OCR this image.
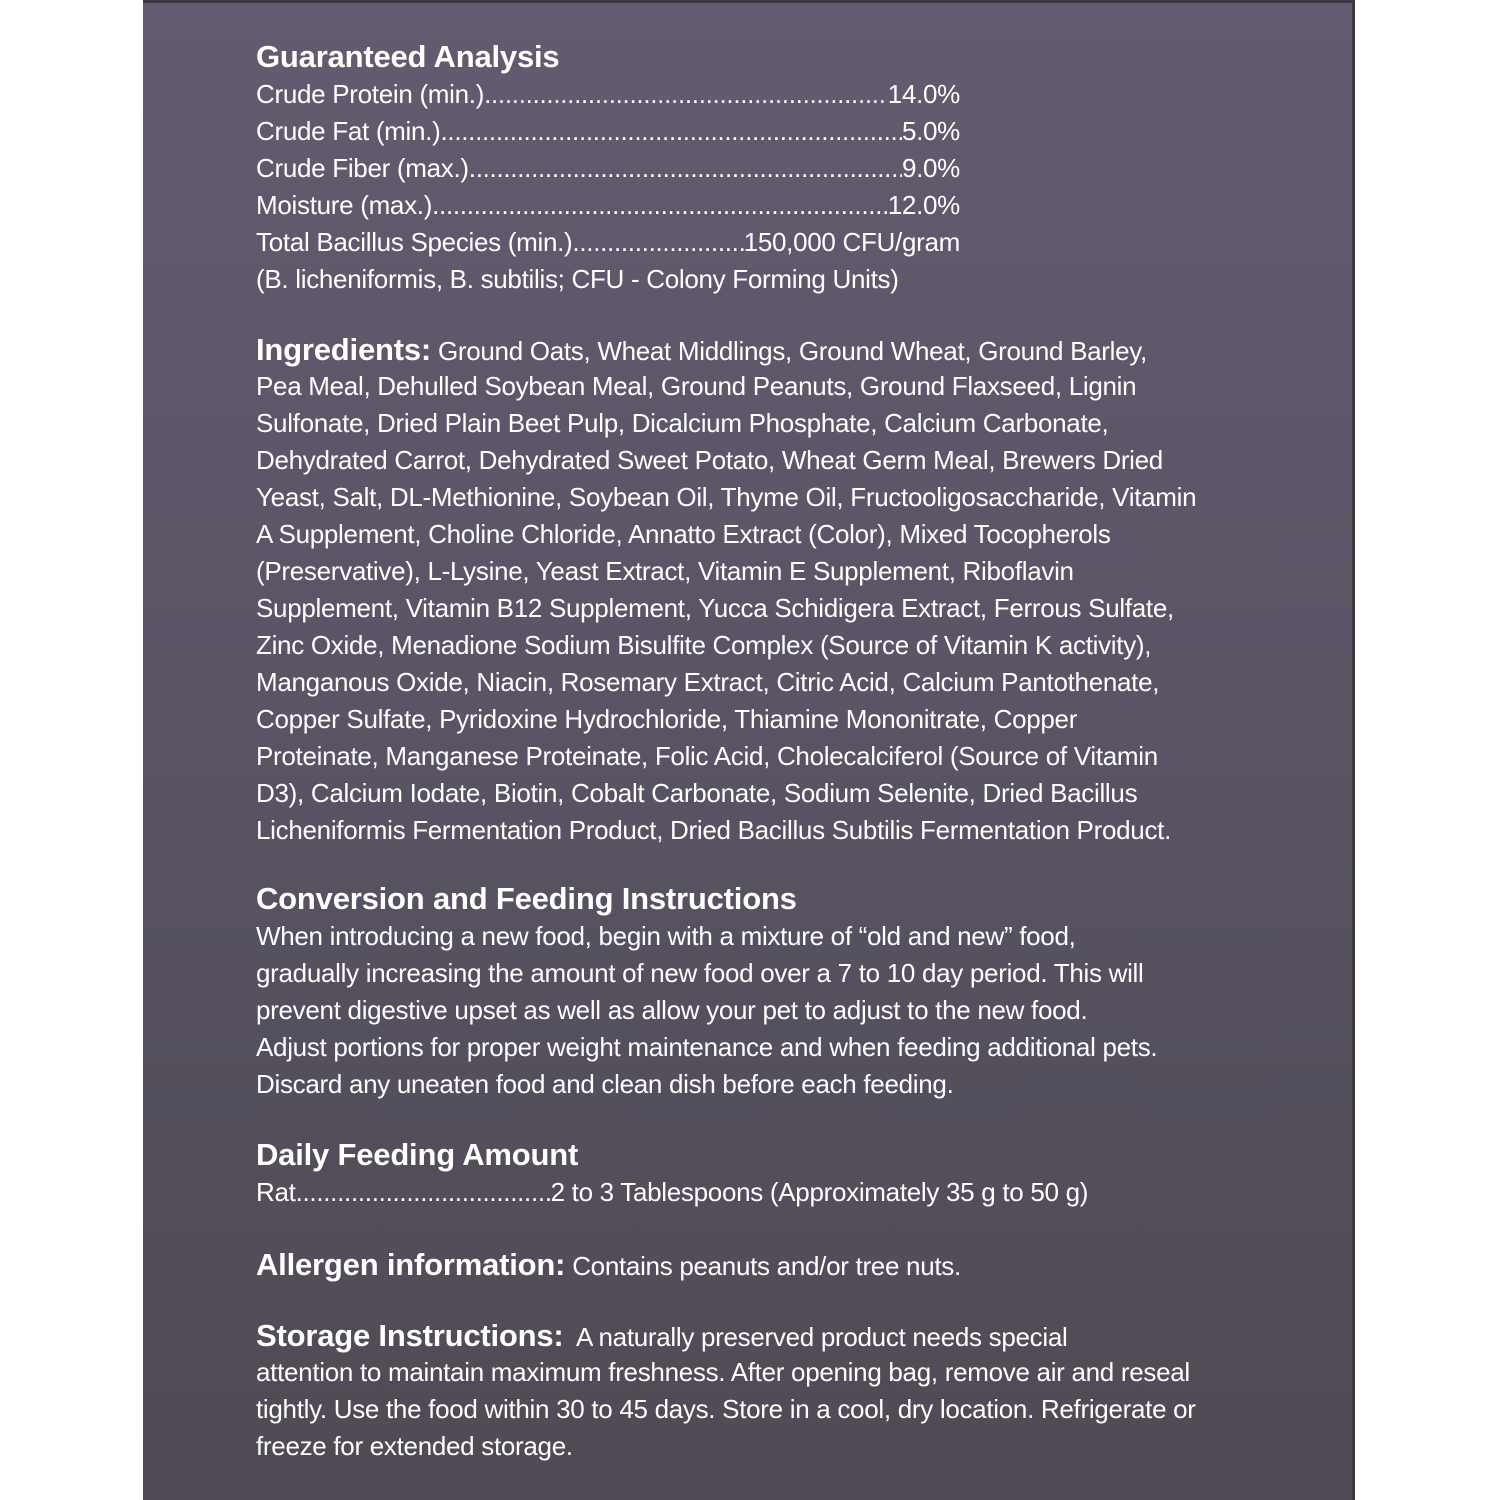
Guaranteed Analysis
Crude Protein (min.) .....	14.0%
Crude Fat (min.) .....	5.0%
Crude Fiber (max.) .....	9.0%
Moisture (max.) .....	12.0%
Total Bacillus Species (min.) .....	150,000 CFU/gram
(B. licheniformis, B. subtilis; CFU - Colony Forming Units)
Ingredients: Ground Oats, Wheat Middlings, Ground Wheat, Ground Barley,
Pea Meal, Dehulled Soybean Meal, Ground Peanuts, Ground Flaxseed, Lignin
Sulfonate, Dried Plain Beet Pulp, Dicalcium Phosphate, Calcium Carbonate,
Dehydrated Carrot, Dehydrated Sweet Potato, Wheat Germ Meal, Brewers Dried
Yeast, Salt, DL-Methionine, Soybean Oil, Thyme Oil, Fructooligosaccharide, Vitamin
A Supplement, Choline Chloride, Annatto Extract (Color), Mixed Tocopherols
(Preservative), L-Lysine, Yeast Extract, Vitamin E Supplement, Riboflavin
Supplement, Vitamin B12 Supplement, Yucca Schidigera Extract, Ferrous Sulfate,
Zinc Oxide, Menadione Sodium Bisulfite Complex (Source of Vitamin K activity),
Manganous Oxide, Niacin, Rosemary Extract, Citric Acid, Calcium Pantothenate,
Copper Sulfate, Pyridoxine Hydrochloride, Thiamine Mononitrate, Copper
Proteinate, Manganese Proteinate, Folic Acid, Cholecalciferol (Source of Vitamin
D3), Calcium Iodate, Biotin, Cobalt Carbonate, Sodium Selenite, Dried Bacillus
Licheniformis Fermentation Product, Dried Bacillus Subtilis Fermentation Product.
Conversion and Feeding Instructions
When introducing a new food, begin with a mixture of “old and new” food,
gradually increasing the amount of new food over a 7 to 10 day period. This will
prevent digestive upset as well as allow your pet to adjust to the new food.
Adjust portions for proper weight maintenance and when feeding additional pets.
Discard any uneaten food and clean dish before each feeding.
Daily Feeding Amount
Rat .....	2 to 3 Tablespoons (Approximately 35 g to 50 g)
Allergen information: Contains peanuts and/or tree nuts.
Storage Instructions:  A naturally preserved product needs special
attention to maintain maximum freshness. After opening bag, remove air and reseal
tightly. Use the food within 30 to 45 days. Store in a cool, dry location. Refrigerate or
freeze for extended storage.
